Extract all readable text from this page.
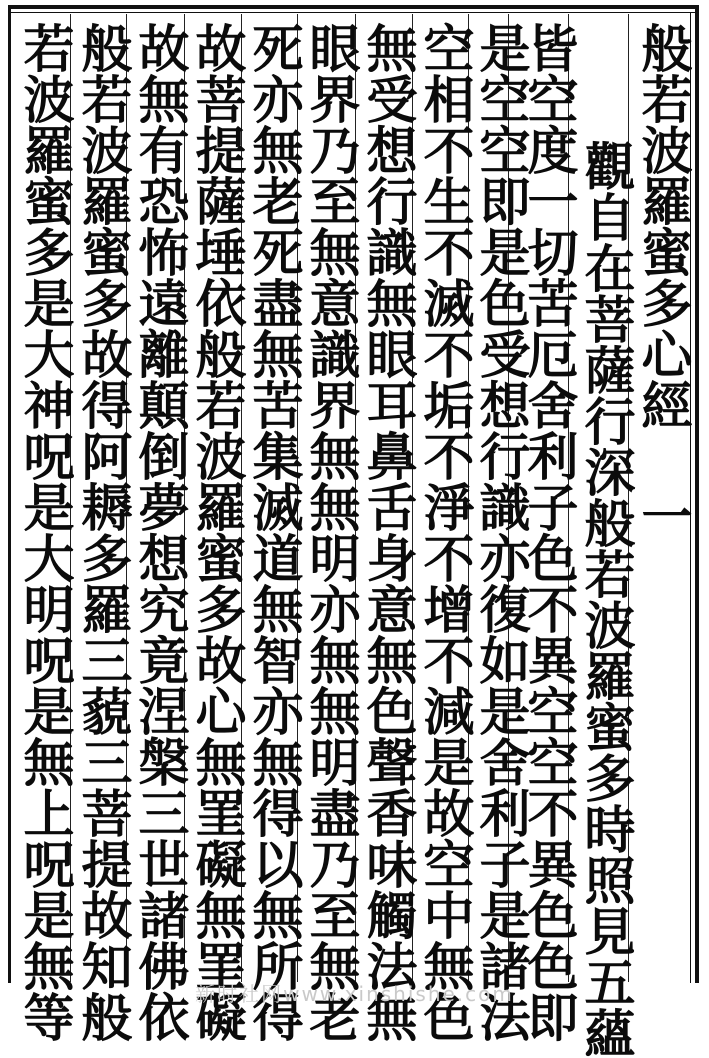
般若波羅蜜多心經 一
觀自在菩薩行深般若波羅蜜多時照見五蘊
皆空度一切苦厄舍利子色不異空空不異色色即
是空空即是色受想行識亦復如是舍利子是諸法
空相不生不滅不垢不淨不增不減是故空中無色
無受想行識無眼耳鼻舌身意無色聲香味觸法無
眼界乃至無意識界無無明亦無無明盡乃至無老
死亦無老死盡無苦集滅道無智亦無得以無所得
故菩提薩埵依般若波羅蜜多故心無罣礙無罣礙
故無有恐怖遠離顛倒夢想究竟涅槃三世諸佛依
般若波羅蜜多故得阿耨多羅三藐三菩提故知般
若波羅蜜多是大神呪是大明呪是無上呪是無等	新时社网www.xinshishe.com
